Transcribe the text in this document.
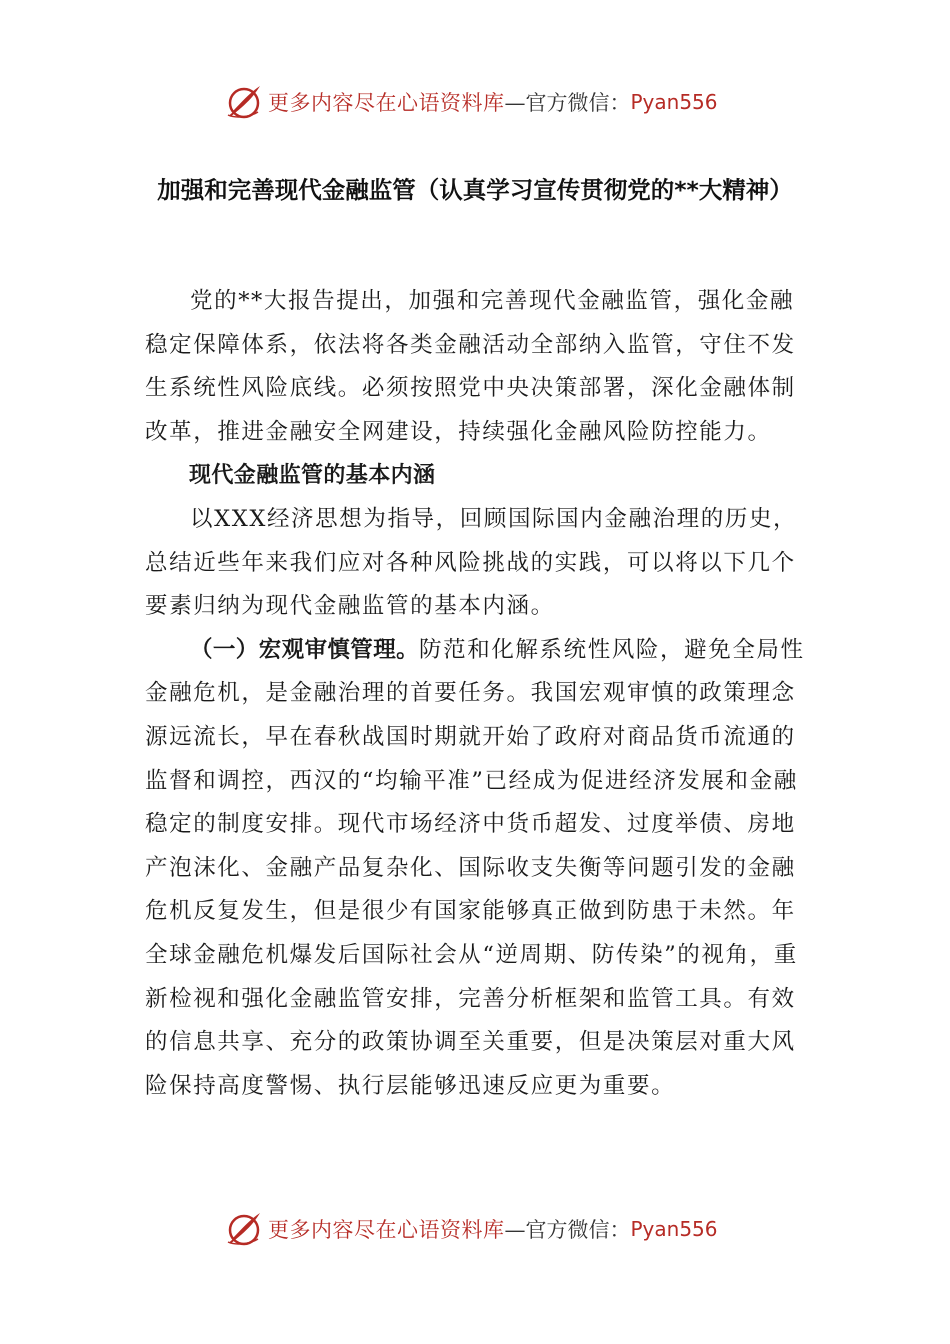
更多内容尽在心语资料库 —官方微信： Pyan556
加强和完善现代金融监管（认真学习宣传贯彻党的**大精神）

党的**大报告提出，加强和完善现代金融监管，强化金融稳定保障体系，依法将各类金融活动全部纳入监管，守住不发生系统性风险底线。必须按照党中央决策部署，深化金融体制改革，推进金融安全网建设，持续强化金融风险防控能力。

现代金融监管的基本内涵

以XXX经济思想为指导，回顾国际国内金融治理的历史，总结近些年来我们应对各种风险挑战的实践，可以将以下几个要素归纳为现代金融监管的基本内涵。

（一）宏观审慎管理。防范和化解系统性风险，避免全局性金融危机，是金融治理的首要任务。我国宏观审慎的政策理念源远流长，早在春秋战国时期就开始了政府对商品货币流通的监督和调控，西汉的“均输平准”已经成为促进经济发展和金融稳定的制度安排。现代市场经济中货币超发、过度举债、房地产泡沫化、金融产品复杂化、国际收支失衡等问题引发的金融危机反复发生，但是很少有国家能够真正做到防患于未然。年全球金融危机爆发后国际社会从“逆周期、防传染”的视角，重新检视和强化金融监管安排，完善分析框架和监管工具。有效的信息共享、充分的政策协调至关重要，但是决策层对重大风险保持高度警惕、执行层能够迅速反应更为重要。

更多内容尽在心语资料库 —官方微信： Pyan556
